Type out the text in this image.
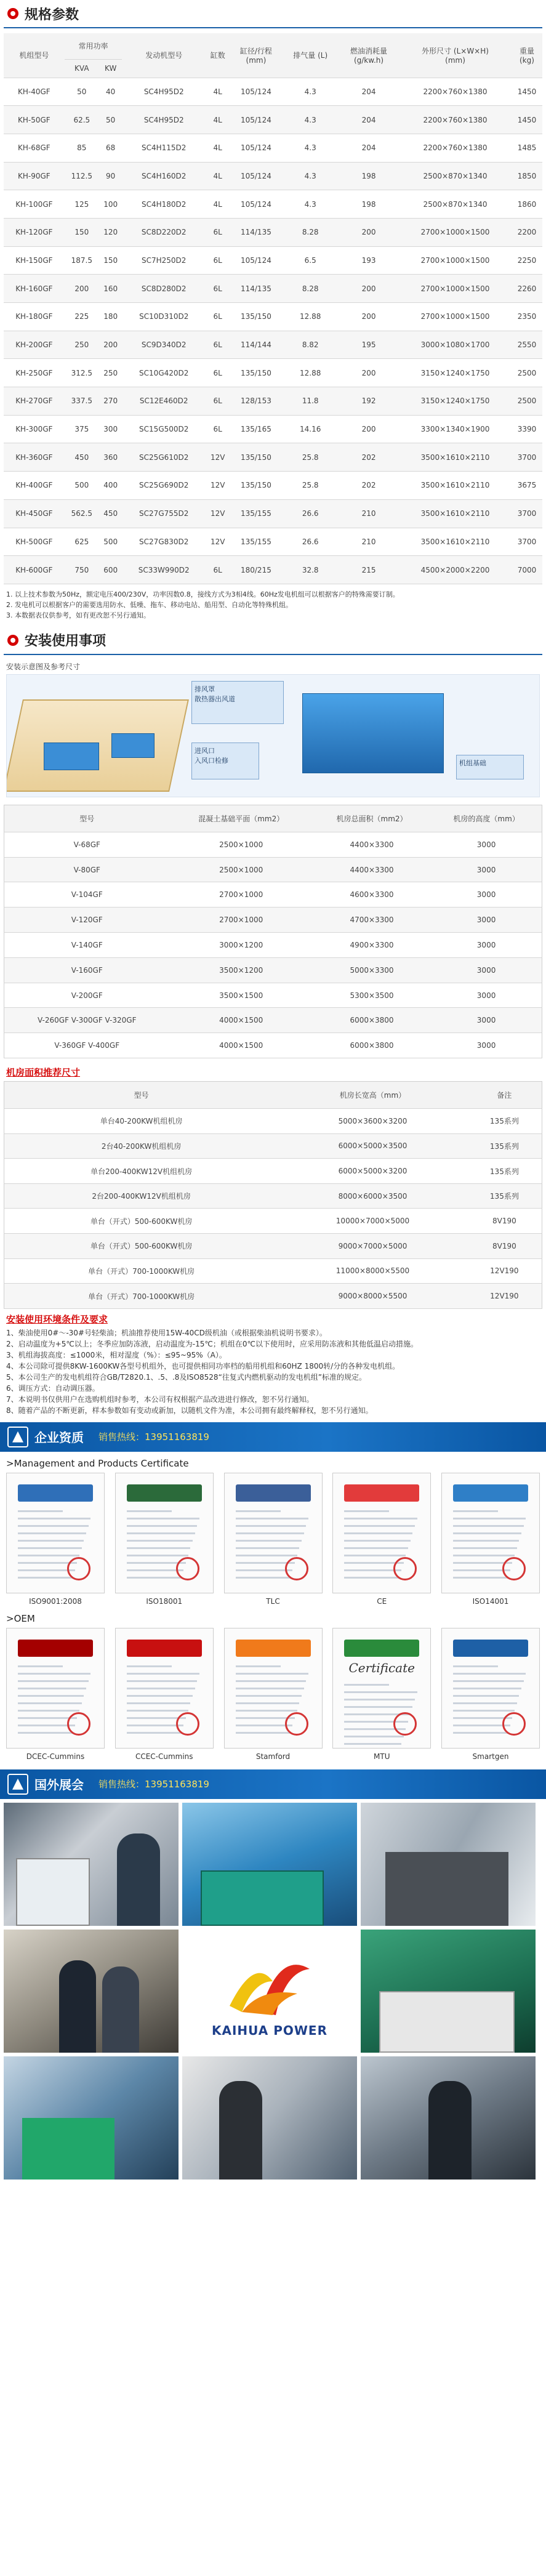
规格参数
机组型号	常用功率		发动机型号	缸数	缸径/行程
(mm)	排气量 (L)	燃油消耗量
(g/kw.h)	外形尺寸 (L×W×H)
(mm)	重量
(kg)
	KVA	KW							
KH-40GF	50	40	SC4H95D2	4L	105/124	4.3	204	2200×760×1380	1450
KH-50GF	62.5	50	SC4H95D2	4L	105/124	4.3	204	2200×760×1380	1450
KH-68GF	85	68	SC4H115D2	4L	105/124	4.3	204	2200×760×1380	1485
KH-90GF	112.5	90	SC4H160D2	4L	105/124	4.3	198	2500×870×1340	1850
KH-100GF	125	100	SC4H180D2	4L	105/124	4.3	198	2500×870×1340	1860
KH-120GF	150	120	SC8D220D2	6L	114/135	8.28	200	2700×1000×1500	2200
KH-150GF	187.5	150	SC7H250D2	6L	105/124	6.5	193	2700×1000×1500	2250
KH-160GF	200	160	SC8D280D2	6L	114/135	8.28	200	2700×1000×1500	2260
KH-180GF	225	180	SC10D310D2	6L	135/150	12.88	200	2700×1000×1500	2350
KH-200GF	250	200	SC9D340D2	6L	114/144	8.82	195	3000×1080×1700	2550
KH-250GF	312.5	250	SC10G420D2	6L	135/150	12.88	200	3150×1240×1750	2500
KH-270GF	337.5	270	SC12E460D2	6L	128/153	11.8	192	3150×1240×1750	2500
KH-300GF	375	300	SC15G500D2	6L	135/165	14.16	200	3300×1340×1900	3390
KH-360GF	450	360	SC25G610D2	12V	135/150	25.8	202	3500×1610×2110	3700
KH-400GF	500	400	SC25G690D2	12V	135/150	25.8	202	3500×1610×2110	3675
KH-450GF	562.5	450	SC27G755D2	12V	135/155	26.6	210	3500×1610×2110	3700
KH-500GF	625	500	SC27G830D2	12V	135/155	26.6	210	3500×1610×2110	3700
KH-600GF	750	600	SC33W990D2	6L	180/215	32.8	215	4500×2000×2200	7000
1. 以上技术参数为50Hz，额定电压400/230V，功率因数0.8，接线方式为3相4线。60Hz发电机组可以根据客户的特殊需要订制。
2. 发电机可以根据客户的需要选用防水、低噪、拖车、移动电站、船用型、自动化等特殊机组。
3. 本数据表仅供参考，如有更改恕不另行通知。
安装使用事项
安装示意图及参考尺寸
排风罩
散热器出风道
进风口
入风口检修	机组基础
型号	混凝土基础平面（mm2）	机房总面积（mm2）	机房的高度（mm）
V-68GF	2500×1000	4400×3300	3000
V-80GF	2500×1000	4400×3300	3000
V-104GF	2700×1000	4600×3300	3000
V-120GF	2700×1000	4700×3300	3000
V-140GF	3000×1200	4900×3300	3000
V-160GF	3500×1200	5000×3300	3000
V-200GF	3500×1500	5300×3500	3000
V-260GF V-300GF V-320GF	4000×1500	6000×3800	3000
V-360GF V-400GF	4000×1500	6000×3800	3000
机房面积推荐尺寸
型号	机房长宽高（mm）	备注
单台40-200KW机组机房	5000×3600×3200	135系列
2台40-200KW机组机房	6000×5000×3500	135系列
单台200-400KW12V机组机房	6000×5000×3200	135系列
2台200-400KW12V机组机房	8000×6000×3500	135系列
单台（开式）500-600KW机房	10000×7000×5000	8V190
单台（开式）500-600KW机房	9000×7000×5000	8V190
单台（开式）700-1000KW机房	11000×8000×5500	12V190
单台（开式）700-1000KW机房	9000×8000×5500	12V190
安装使用环境条件及要求
1、柴油使用0#～-30#号轻柴油；机油推荐使用15W-40CD级机油（或根据柴油机说明书要求）。
2、启动温度为+5℃以上；冬季应加防冻液，启动温度为-15℃；机组在0℃以下使用时，应采用防冻液和其他低温启动措施。
3、机组海拔高度：≤1000米，相对湿度（%）：≤95~95%（A）。
4、本公司除可提供8KW-1600KW各型号机组外，也可提供相同功率档的船用机组和60HZ 1800转/分的各种发电机组。
5、本公司生产的发电机组符合GB/T2820.1、.5、.8及ISO8528“往复式内燃机驱动的发电机组”标准的规定。
6、调压方式：自动调压器。
7、本说明书仅供用户在选购机组时参考，本公司有权根据产品改进进行修改，恕不另行通知。
8、随着产品的不断更新，样本参数如有变动或新加，以随机文件为准，本公司拥有最终解释权，恕不另行通知。
企业资质 销售热线：13951163819
>Management and Products Certificate
ISO9001:2008	ISO18001	TLC	CE	ISO14001
>OEM
DCEC-Cummins	CCEC-Cummins	Stamford
Certificate
MTU	Smartgen
国外展会 销售热线：13951163819
KAIHUA POWER
